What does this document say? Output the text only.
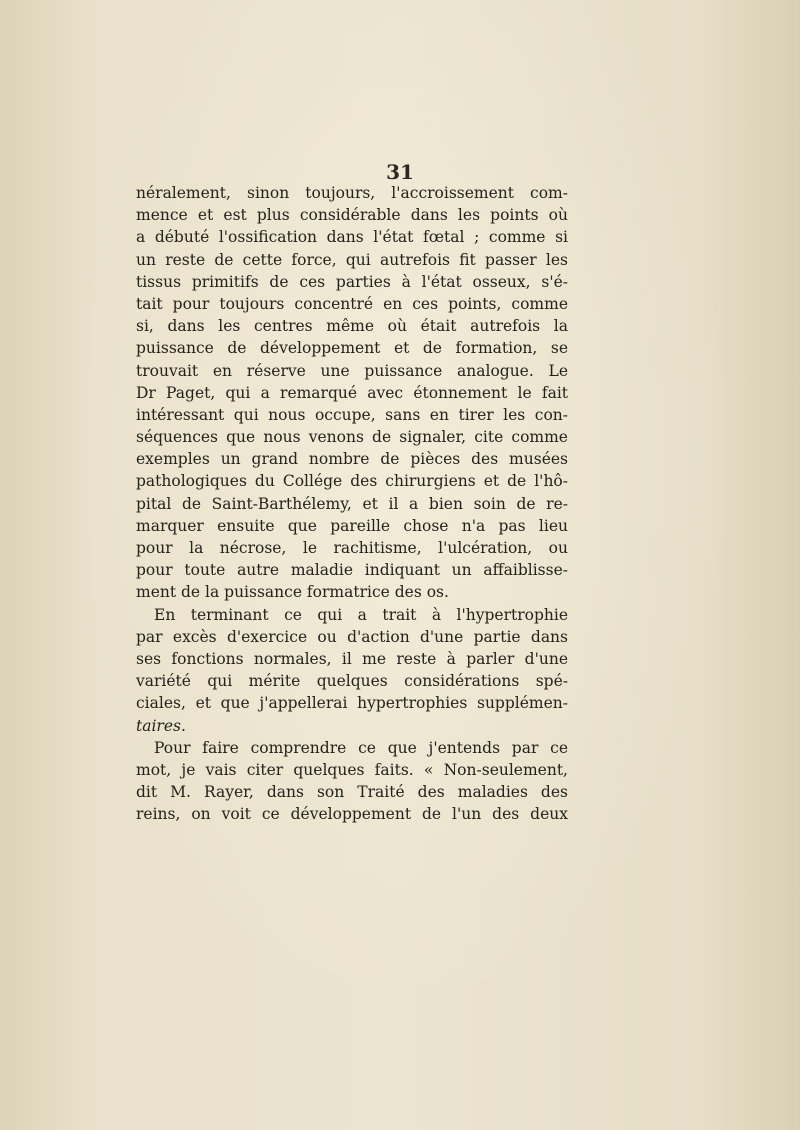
31
néralement, sinon toujours, l'accroissement com-
mence et est plus considérable dans les points où
a débuté l'ossification dans l'état fœtal ; comme si
un reste de cette force, qui autrefois fit passer les
tissus primitifs de ces parties à l'état osseux, s'é-
tait pour toujours concentré en ces points, comme
si, dans les centres même où était autrefois la
puissance de développement et de formation, se
trouvait en réserve une puissance analogue. Le
Dr Paget, qui a remarqué avec étonnement le fait
intéressant qui nous occupe, sans en tirer les con-
séquences que nous venons de signaler, cite comme
exemples un grand nombre de pièces des musées
pathologiques du Collége des chirurgiens et de l'hô-
pital de Saint-Barthélemy, et il a bien soin de re-
marquer ensuite que pareille chose n'a pas lieu
pour la nécrose, le rachitisme, l'ulcération, ou
pour toute autre maladie indiquant un affaiblisse-
ment de la puissance formatrice des os.
En terminant ce qui a trait à l'hypertrophie
par excès d'exercice ou d'action d'une partie dans
ses fonctions normales, il me reste à parler d'une
variété qui mérite quelques considérations spé-
ciales, et que j'appellerai hypertrophies supplémen-
taires.
Pour faire comprendre ce que j'entends par ce
mot, je vais citer quelques faits. « Non-seulement,
dit M. Rayer, dans son Traité des maladies des
reins, on voit ce développement de l'un des deux
